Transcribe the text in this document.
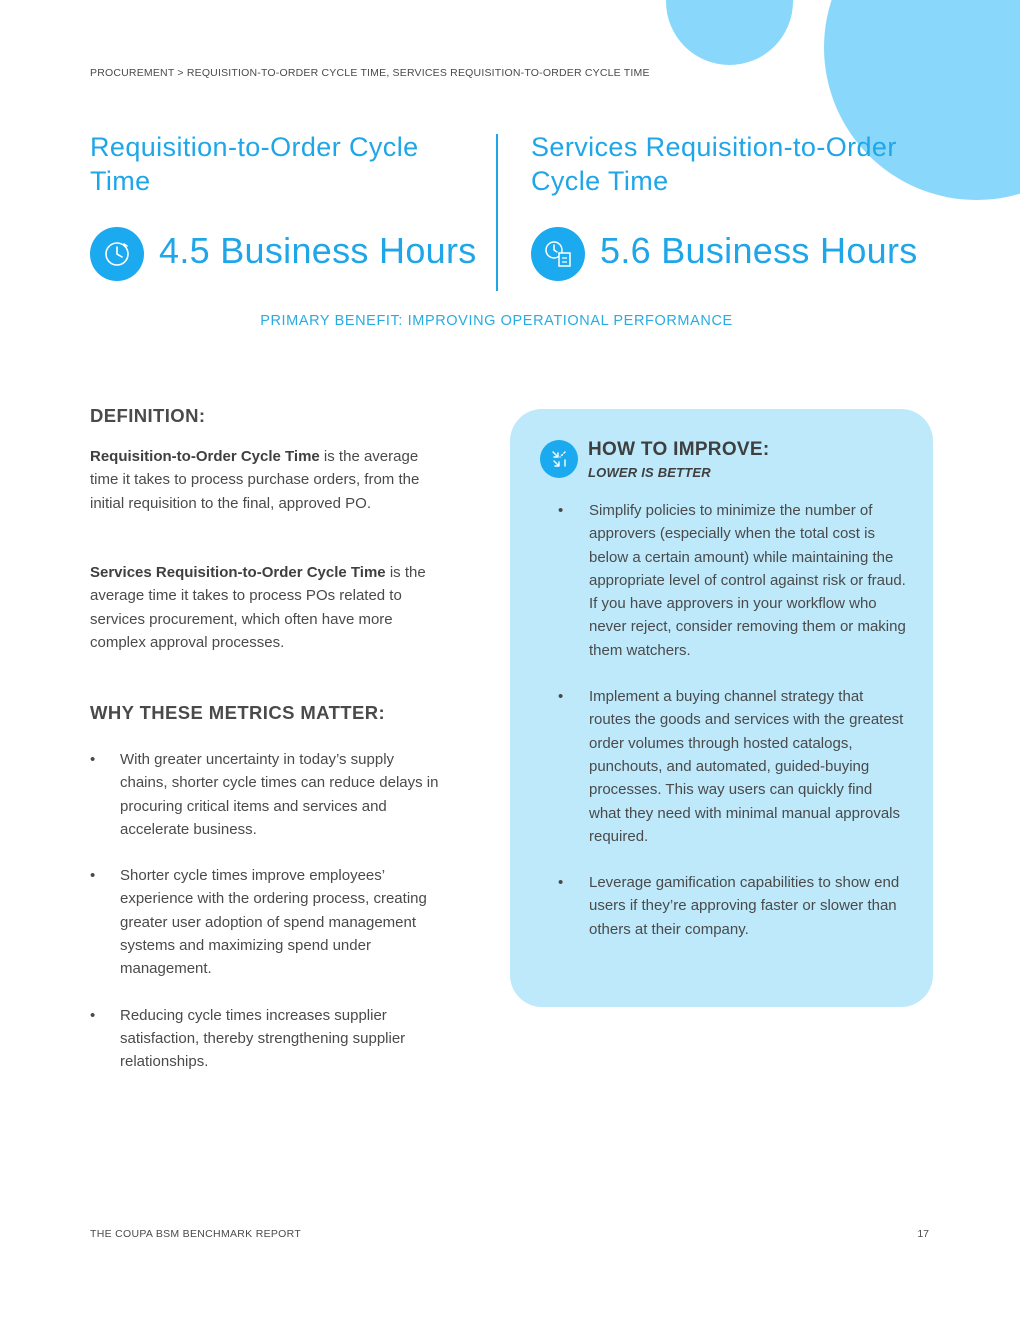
PROCUREMENT > REQUISITION-TO-ORDER CYCLE TIME, SERVICES REQUISITION-TO-ORDER CYCLE TIME
Requisition-to-Order Cycle Time
4.5 Business Hours
Services Requisition-to-Order Cycle Time
5.6 Business Hours
PRIMARY BENEFIT: IMPROVING OPERATIONAL PERFORMANCE
DEFINITION:

Requisition-to-Order Cycle Time is the average time it takes to process purchase orders, from the initial requisition to the final, approved PO.

Services Requisition-to-Order Cycle Time is the average time it takes to process POs related to services procurement, which often have more complex approval processes.

WHY THESE METRICS MATTER:
• With greater uncertainty in today’s supply chains, shorter cycle times can reduce delays in procuring critical items and services and accelerate business.
• Shorter cycle times improve employees’ experience with the ordering process, creating greater user adoption of spend management systems and maximizing spend under management.
• Reducing cycle times increases supplier satisfaction, thereby strengthening supplier relationships.
HOW TO IMPROVE:
LOWER IS BETTER
• Simplify policies to minimize the number of approvers (especially when the total cost is below a certain amount) while maintaining the appropriate level of control against risk or fraud. If you have approvers in your workflow who never reject, consider removing them or making them watchers.
• Implement a buying channel strategy that routes the goods and services with the greatest order volumes through hosted catalogs, punchouts, and automated, guided-buying processes. This way users can quickly find what they need with minimal manual approvals required.
• Leverage gamification capabilities to show end users if they’re approving faster or slower than others at their company.
THE COUPA BSM BENCHMARK REPORT	17
